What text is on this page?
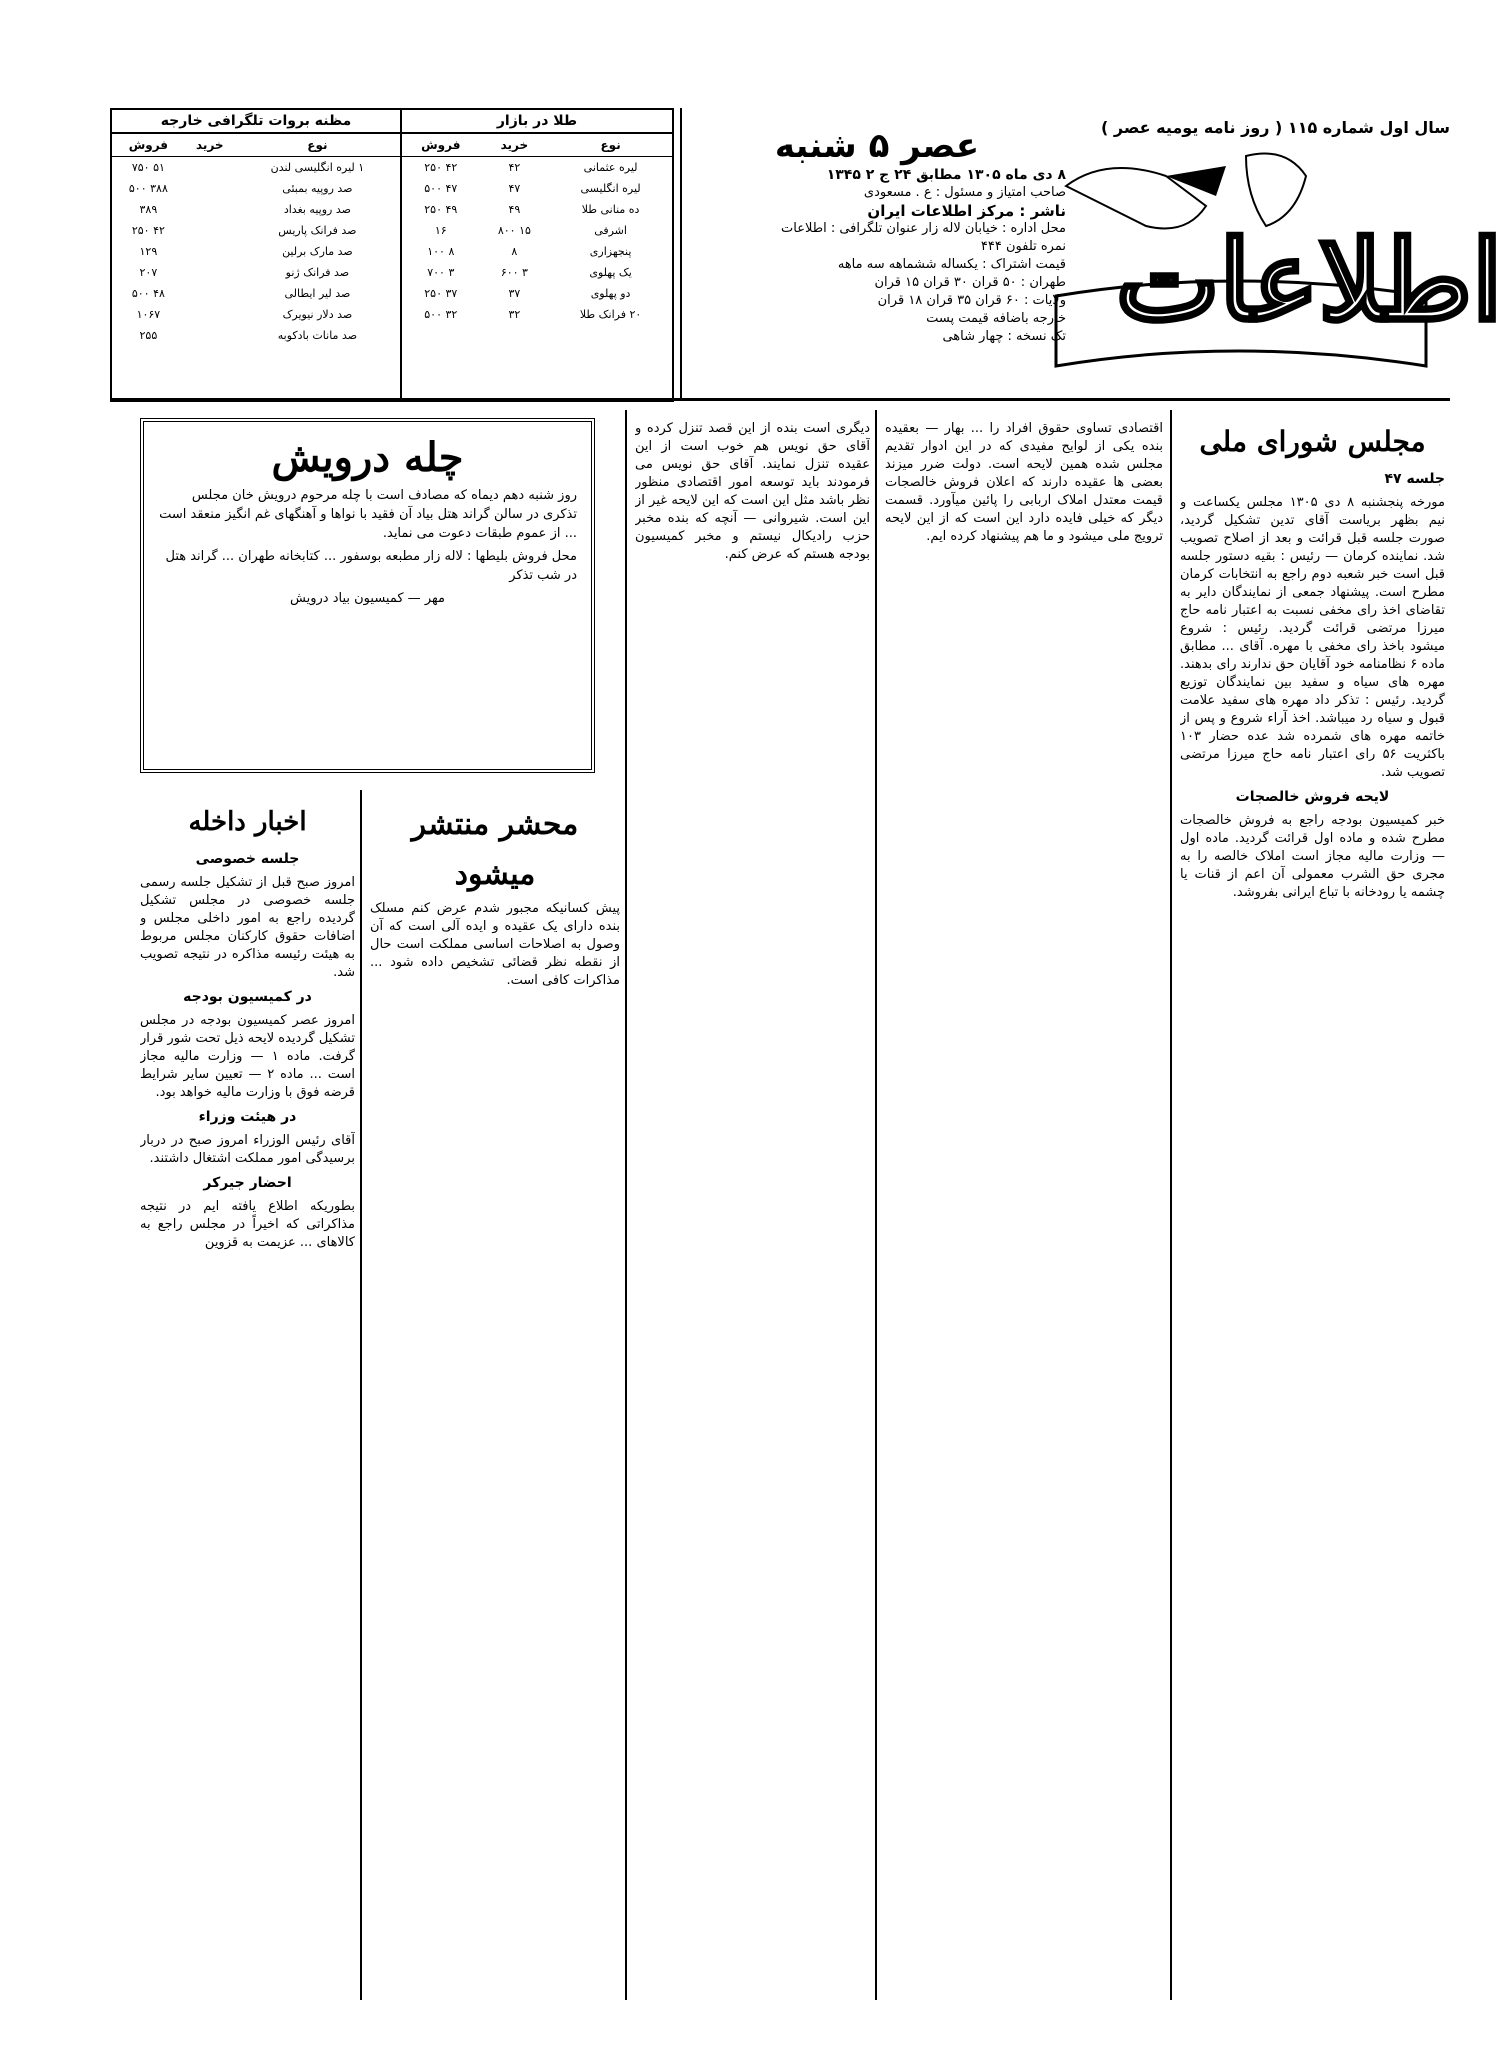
سال اول شماره ۱۱۵ ( روز نامه یومیه عصر )
اطلاعات
عصر ۵ شنبه
۸ دی ماه ۱۳۰۵ مطابق ۲۴ ج ۲ ۱۳۴۵
صاحب امتیاز و مسئول : ع . مسعودی
ناشر : مرکز اطلاعات ایران
محل اداره : خیابان لاله زار عنوان تلگرافی : اطلاعات
نمره تلفون ۴۴۴
قیمت اشتراک : یکساله ششماهه سه ماهه
طهران : ۵۰ قران ۳۰ قران ۱۵ قران
ولایات : ۶۰ قران ۳۵ قران ۱۸ قران
خارجه باضافه قیمت پست
تک نسخه : چهار شاهی
طلا در بازار
نوع	خرید	فروش
لیره عثمانی	۴۲	۴۲ ۲۵۰
لیره انگلیسی	۴۷	۴۷ ۵۰۰
ده منانی طلا	۴۹	۴۹ ۲۵۰
اشرفی	۱۵ ۸۰۰	۱۶
پنجهزاری	۸	۸ ۱۰۰
یک پهلوی	۳ ۶۰۰	۳ ۷۰۰
دو پهلوی	۳۷	۳۷ ۲۵۰
۲۰ فرانک طلا	۳۲	۳۲ ۵۰۰
مظنه بروات تلگرافی خارجه
نوع	خرید	فروش
۱ لیره انگلیسی لندن		۵۱ ۷۵۰
صد روپیه بمبئی		۳۸۸ ۵۰۰
صد روپیه بغداد		۳۸۹
صد فرانک پاریس		۴۲ ۲۵۰
صد مارک برلین		۱۲۹
صد فرانک ژنو		۲۰۷
صد لیر ایطالی		۴۸ ۵۰۰
صد دلار نیویرک		۱۰۶۷
صد مانات بادکوبه		۲۵۵
مجلس شورای ملی
جلسه ۴۷

مورخه پنجشنبه ۸ دی ۱۳۰۵ مجلس یکساعت و نیم بظهر بریاست آقای تدین تشکیل گردید، صورت جلسه قبل قرائت و بعد از اصلاح تصویب شد. نماینده کرمان — رئیس : بقیه دستور جلسه قبل است خبر شعبه دوم راجع به انتخابات کرمان مطرح است. پیشنهاد جمعی از نمایندگان دایر به تقاضای اخذ رای مخفی نسبت به اعتبار نامه حاج میرزا مرتضی قرائت گردید. رئیس : شروع میشود باخذ رای مخفی با مهره. آقای ... مطابق ماده ۶ نظامنامه خود آقایان حق ندارند رای بدهند. مهره های سیاه و سفید بین نمایندگان توزیع گردید. رئیس : تذکر داد مهره های سفید علامت قبول و سیاه رد میباشد. اخذ آراء شروع و پس از خاتمه مهره های شمرده شد عده حضار ۱۰۳ باکثریت ۵۶ رای اعتبار نامه حاج میرزا مرتضی تصویب شد.

لایحه فروش خالصجات

خبر کمیسیون بودجه راجع به فروش خالصجات مطرح شده و ماده اول قرائت گردید. ماده اول — وزارت مالیه مجاز است املاک خالصه را به مجری حق الشرب معمولی آن اعم از قنات یا چشمه یا رودخانه با تباع ایرانی بفروشد.

اقتصادی تساوی حقوق افراد را ... بهار — بعقیده بنده یکی از لوایح مفیدی که در این ادوار تقدیم مجلس شده همین لایحه است. دولت ضرر میزند بعضی ها عقیده دارند که اعلان فروش خالصجات قیمت معتدل املاک اربابی را پائین میآورد. قسمت دیگر که خیلی فایده دارد این است که از این لایحه ترویج ملی میشود و ما هم پیشنهاد کرده ایم.

دیگری است بنده از این قصد تنزل کرده و آقای حق نویس هم خوب است از این عقیده تنزل نمایند. آقای حق نویس می فرمودند باید توسعه امور اقتصادی منظور نظر باشد مثل این است که این لایحه غیر از این است. شیروانی — آنچه که بنده مخبر حزب رادیکال نیستم و مخبر کمیسیون بودجه هستم که عرض کنم.

چله درویش

روز شنبه دهم دیماه که مصادف است با چله مرحوم درویش خان مجلس تذکری در سالن گراند هتل بیاد آن فقید با نواها و آهنگهای غم انگیز منعقد است ... از عموم طبقات دعوت می نماید.

محل فروش بلیطها : لاله زار مطبعه بوسفور ... کتابخانه طهران ... گراند هتل در شب تذکر

مهر — کمیسیون بیاد درویش

محشر منتشر میشود

پیش کسانیکه مجبور شدم عرض کنم مسلک بنده دارای یک عقیده و ایده آلی است که آن وصول به اصلاحات اساسی مملکت است حال از نقطه نظر قضائی تشخیص داده شود ... مذاکرات کافی است.

اخبار داخله
جلسه خصوصی

امروز صبح قبل از تشکیل جلسه رسمی جلسه خصوصی در مجلس تشکیل گردیده راجع به امور داخلی مجلس و اضافات حقوق کارکنان مجلس مربوط به هیئت رئیسه مذاکره در نتیجه تصویب شد.

در کمیسیون بودجه

امروز عصر کمیسیون بودجه در مجلس تشکیل گردیده لایحه ذیل تحت شور قرار گرفت. ماده ۱ — وزارت مالیه مجاز است ... ماده ۲ — تعیین سایر شرایط قرضه فوق با وزارت مالیه خواهد بود.

در هیئت وزراء

آقای رئیس الوزراء امروز صبح در دربار برسیدگی امور مملکت اشتغال داشتند.

احضار جیرکر

بطوریکه اطلاع یافته ایم در نتیجه مذاکراتی که اخیراً در مجلس راجع به کالاهای ... عزیمت به قزوین
